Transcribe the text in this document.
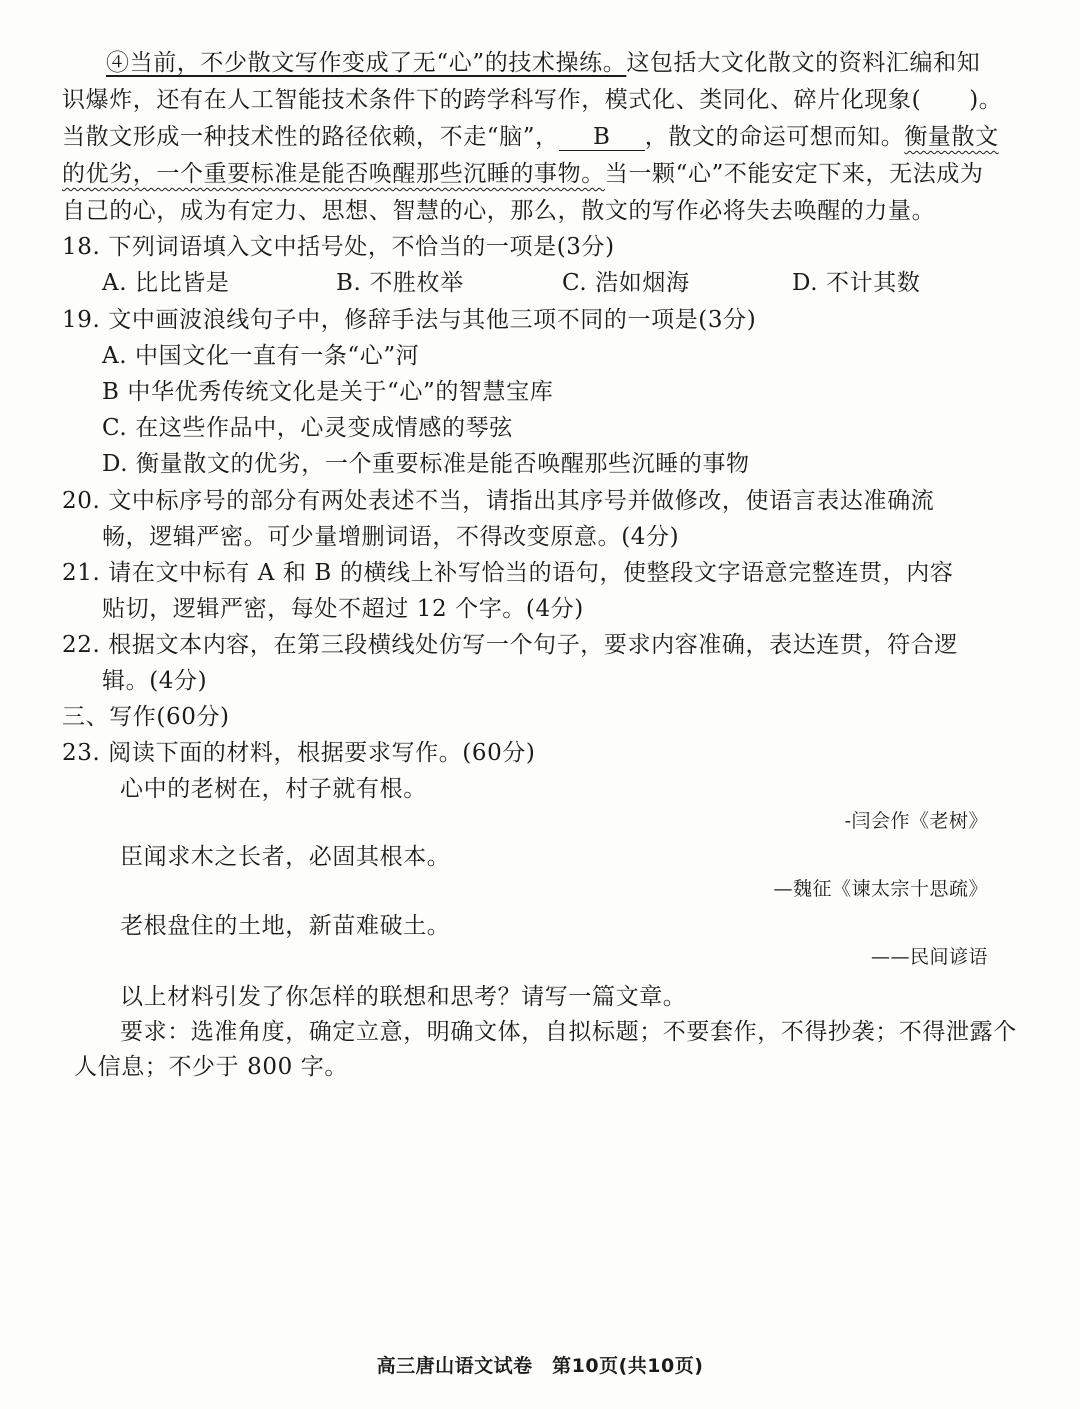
④当前，不少散文写作变成了无“心”的技术操练。这包括大文化散文的资料汇编和知
识爆炸，还有在人工智能技术条件下的跨学科写作，模式化、类同化、碎片化现象( )。
当散文形成一种技术性的路径依赖，不走“脑”， B ，散文的命运可想而知。衡量散文
的优劣，一个重要标准是能否唤醒那些沉睡的事物。当一颗“心”不能安定下来，无法成为
自己的心，成为有定力、思想、智慧的心，那么，散文的写作必将失去唤醒的力量。
18. 下列词语填入文中括号处，不恰当的一项是(3分)
A. 比比皆是	B. 不胜枚举	C. 浩如烟海	D. 不计其数
19. 文中画波浪线句子中，修辞手法与其他三项不同的一项是(3分)
A. 中国文化一直有一条“心”河
B 中华优秀传统文化是关于“心”的智慧宝库
C. 在这些作品中，心灵变成情感的琴弦
D. 衡量散文的优劣，一个重要标准是能否唤醒那些沉睡的事物
20. 文中标序号的部分有两处表述不当，请指出其序号并做修改，使语言表达准确流
畅，逻辑严密。可少量增删词语，不得改变原意。(4分)
21. 请在文中标有 A 和 B 的横线上补写恰当的语句，使整段文字语意完整连贯，内容
贴切，逻辑严密，每处不超过 12 个字。(4分)
22. 根据文本内容，在第三段横线处仿写一个句子，要求内容准确，表达连贯，符合逻
辑。(4分)
三、写作(60分)
23. 阅读下面的材料，根据要求写作。(60分)
心中的老树在，村子就有根。
-闫会作《老树》
臣闻求木之长者，必固其根本。
—魏征《谏太宗十思疏》
老根盘住的土地，新苗难破土。
——民间谚语
以上材料引发了你怎样的联想和思考？请写一篇文章。
要求：选准角度，确定立意，明确文体，自拟标题；不要套作，不得抄袭；不得泄露个
人信息；不少于 800 字。
高三唐山语文试卷　第10页(共10页)
